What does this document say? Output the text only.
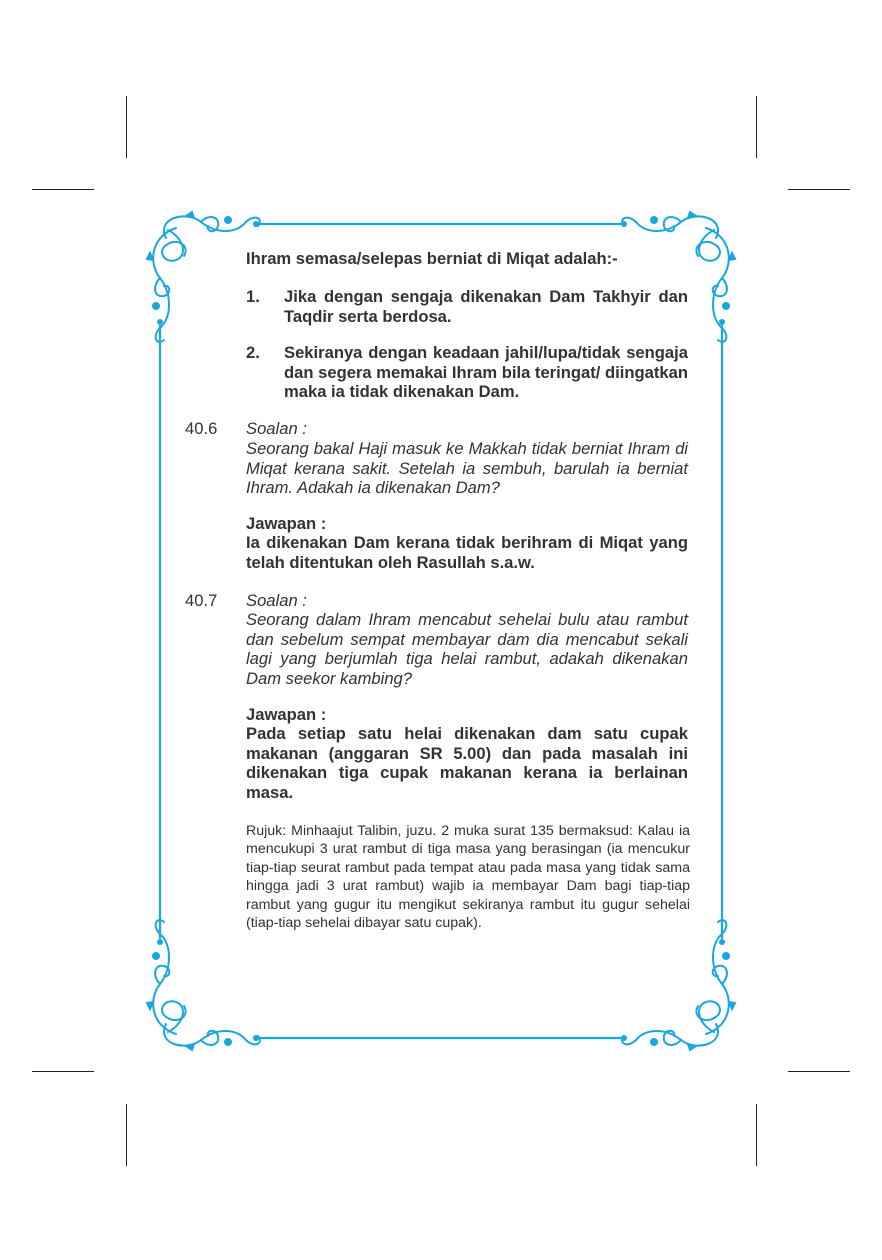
Ihram semasa/selepas berniat di Miqat adalah:-
1. Jika dengan sengaja dikenakan Dam Takhyir dan Taqdir serta berdosa.
2. Sekiranya dengan keadaan jahil/lupa/tidak sengaja dan segera memakai Ihram bila teringat/ diingatkan maka ia tidak dikenakan Dam.
40.6 Soalan :
Seorang bakal Haji masuk ke Makkah tidak berniat Ihram di Miqat kerana sakit. Setelah ia sembuh, barulah ia berniat Ihram. Adakah ia dikenakan Dam?
Jawapan :
Ia dikenakan Dam kerana tidak berihram di Miqat yang telah ditentukan oleh Rasullah s.a.w.
40.7 Soalan :
Seorang dalam Ihram mencabut sehelai bulu atau rambut dan sebelum sempat membayar dam dia mencabut sekali lagi yang berjumlah tiga helai rambut, adakah dikenakan Dam seekor kambing?
Jawapan :
Pada setiap satu helai dikenakan dam satu cupak makanan (anggaran SR 5.00) dan pada masalah ini dikenakan tiga cupak makanan kerana ia berlainan masa.
Rujuk: Minhaajut Talibin, juzu. 2 muka surat 135 bermaksud: Kalau ia mencukupi 3 urat rambut di tiga masa yang berasingan (ia mencukur tiap-tiap seurat rambut pada tempat atau pada masa yang tidak sama hingga jadi 3 urat rambut) wajib ia membayar Dam bagi tiap-tiap rambut yang gugur itu mengikut sekiranya rambut itu gugur sehelai (tiap-tiap sehelai dibayar satu cupak).
